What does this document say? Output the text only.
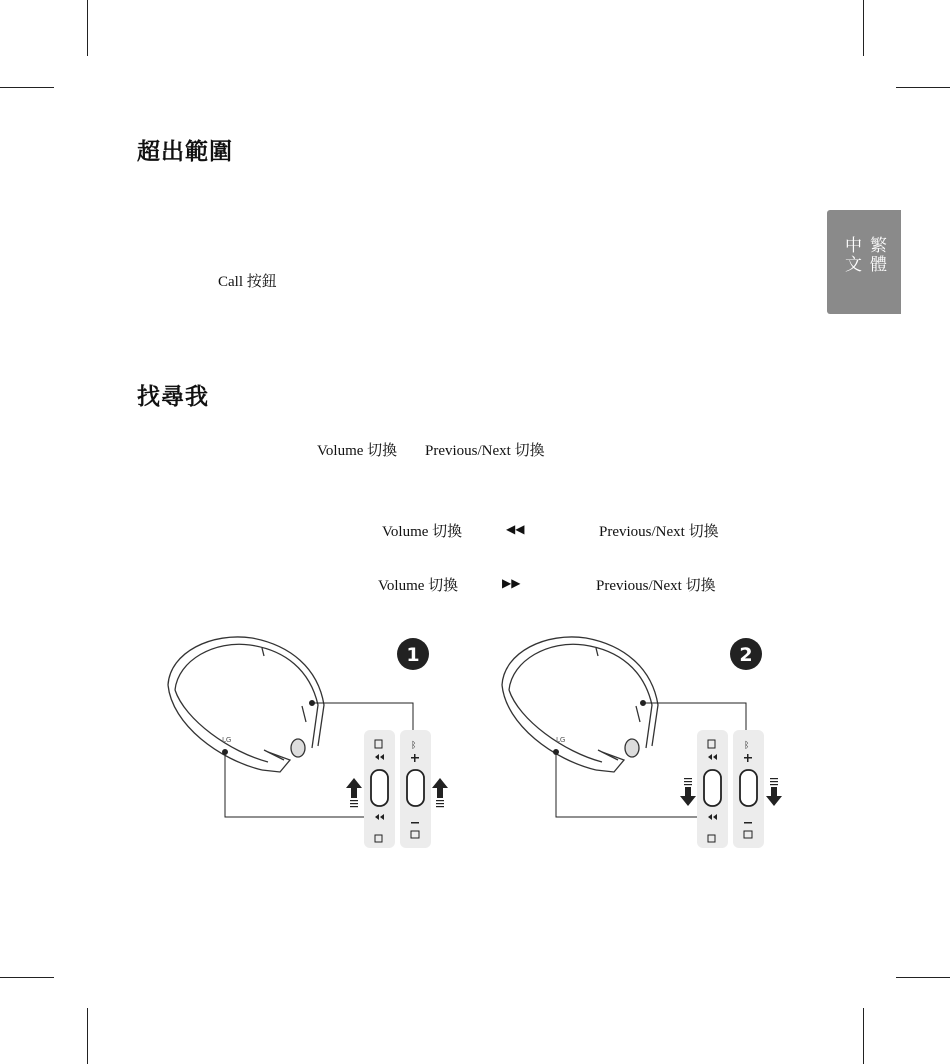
超出範圍
Call 按鈕
繁體中文
找尋我
Volume 切換 Previous/Next 切換
Volume 切換	◀◀	Previous/Next 切換
Volume 切換	▶▶	Previous/Next 切換
1
LG
ᛒ
2
LG
ᛒ
